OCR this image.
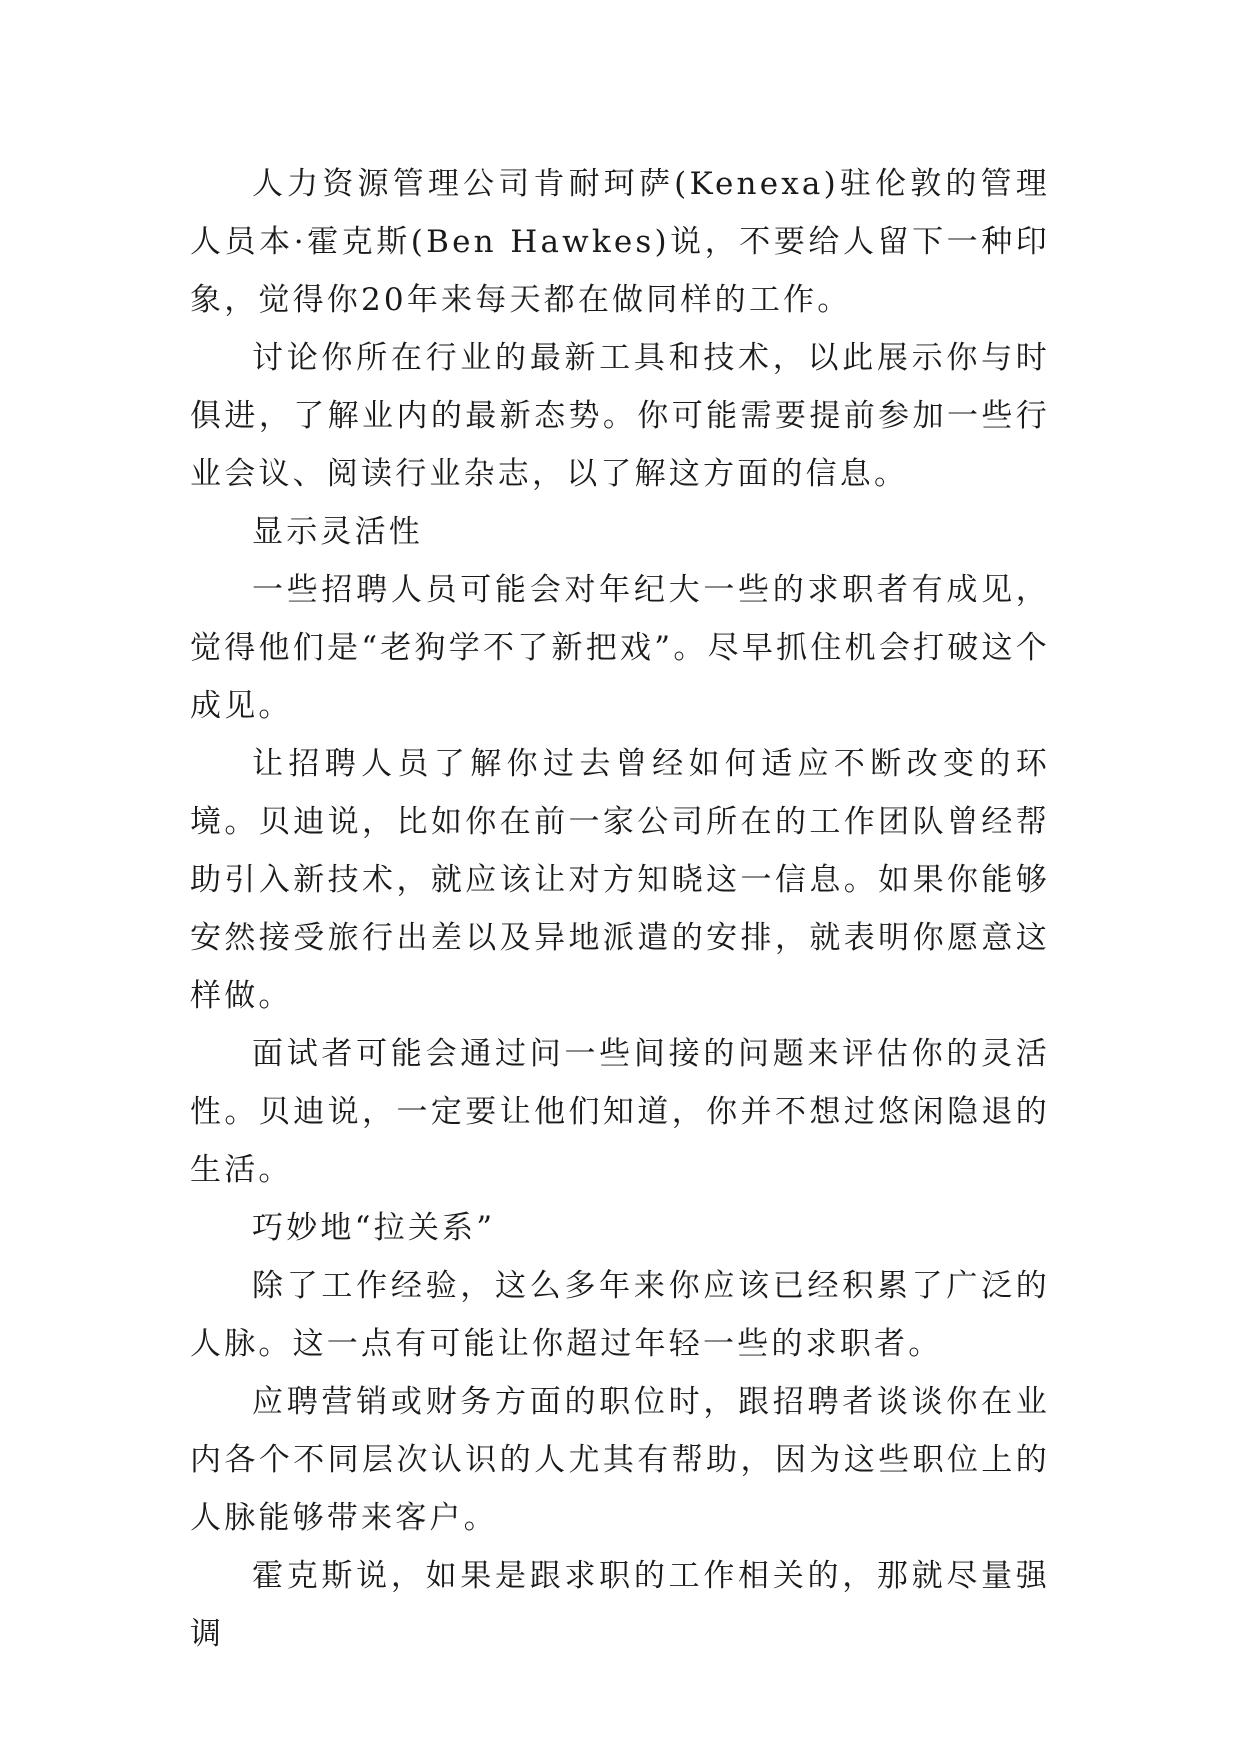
人力资源管理公司肯耐珂萨(Kenexa)驻伦敦的管理人员本·霍克斯(Ben Hawkes)说，不要给人留下一种印象，觉得你20年来每天都在做同样的工作。

讨论你所在行业的最新工具和技术，以此展示你与时俱进，了解业内的最新态势。你可能需要提前参加一些行业会议、阅读行业杂志，以了解这方面的信息。

显示灵活性

一些招聘人员可能会对年纪大一些的求职者有成见，觉得他们是“老狗学不了新把戏”。尽早抓住机会打破这个成见。

让招聘人员了解你过去曾经如何适应不断改变的环境。贝迪说，比如你在前一家公司所在的工作团队曾经帮助引入新技术，就应该让对方知晓这一信息。如果你能够安然接受旅行出差以及异地派遣的安排，就表明你愿意这样做。

面试者可能会通过问一些间接的问题来评估你的灵活性。贝迪说，一定要让他们知道，你并不想过悠闲隐退的生活。

巧妙地“拉关系”

除了工作经验，这么多年来你应该已经积累了广泛的人脉。这一点有可能让你超过年轻一些的求职者。

应聘营销或财务方面的职位时，跟招聘者谈谈你在业内各个不同层次认识的人尤其有帮助，因为这些职位上的人脉能够带来客户。

霍克斯说，如果是跟求职的工作相关的，那就尽量强调
